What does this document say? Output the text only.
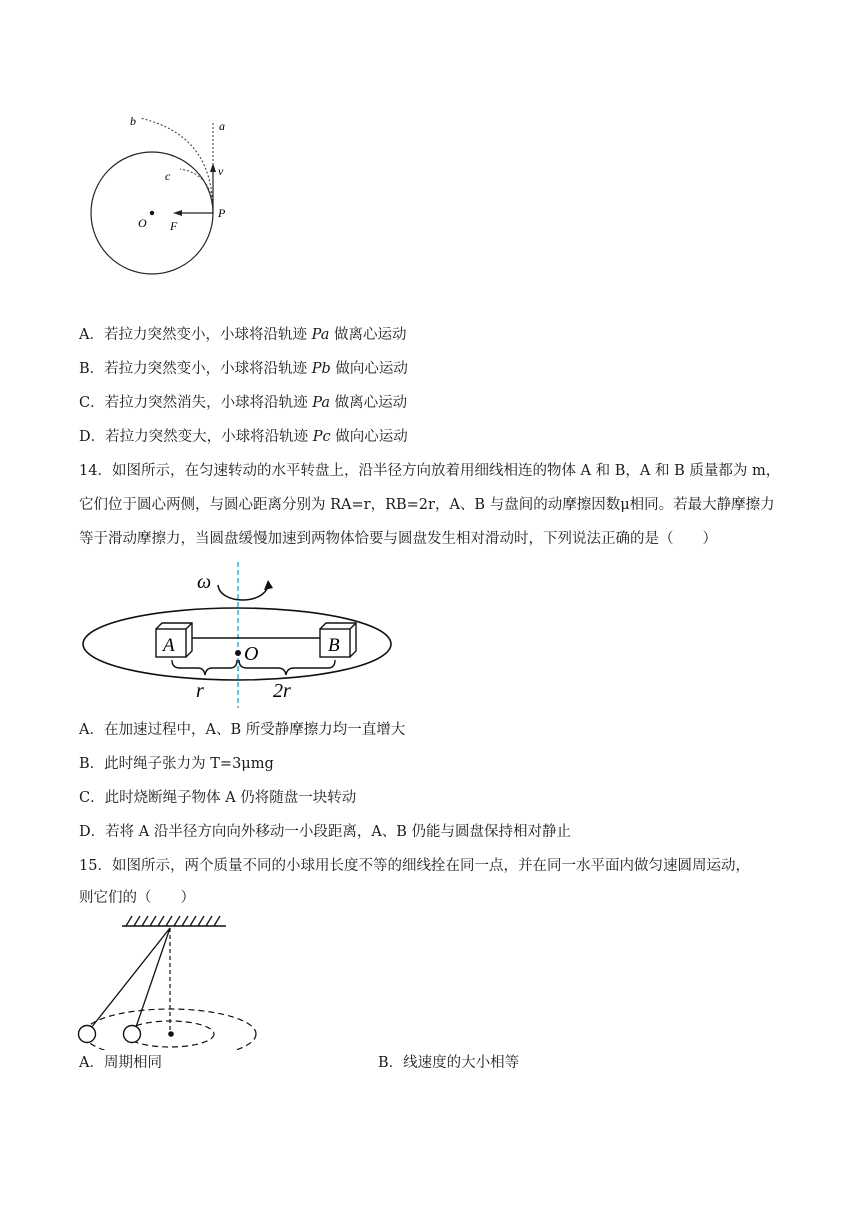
a
b
c	v
O F
P
A．若拉力突然变小，小球将沿轨迹 Pa 做离心运动
B．若拉力突然变小，小球将沿轨迹 Pb 做向心运动
C．若拉力突然消失，小球将沿轨迹 Pa 做离心运动
D．若拉力突然变大，小球将沿轨迹 Pc 做向心运动
14．如图所示，在匀速转动的水平转盘上，沿半径方向放着用细线相连的物体 A 和 B，A 和 B 质量都为 m，
它们位于圆心两侧，与圆心距离分别为 RA=r，RB=2r，A、B 与盘间的动摩擦因数μ相同。若最大静摩擦力
等于滑动摩擦力，当圆盘缓慢加速到两物体恰要与圆盘发生相对滑动时，下列说法正确的是（　　）
ω
A	B
O
r	2r
A．在加速过程中，A、B 所受静摩擦力均一直增大
B．此时绳子张力为 T=3μmg
C．此时烧断绳子物体 A 仍将随盘一块转动
D．若将 A 沿半径方向向外移动一小段距离，A、B 仍能与圆盘保持相对静止
15．如图所示，两个质量不同的小球用长度不等的细线拴在同一点，并在同一水平面内做匀速圆周运动，
则它们的（　　）
A．周期相同	B．线速度的大小相等
